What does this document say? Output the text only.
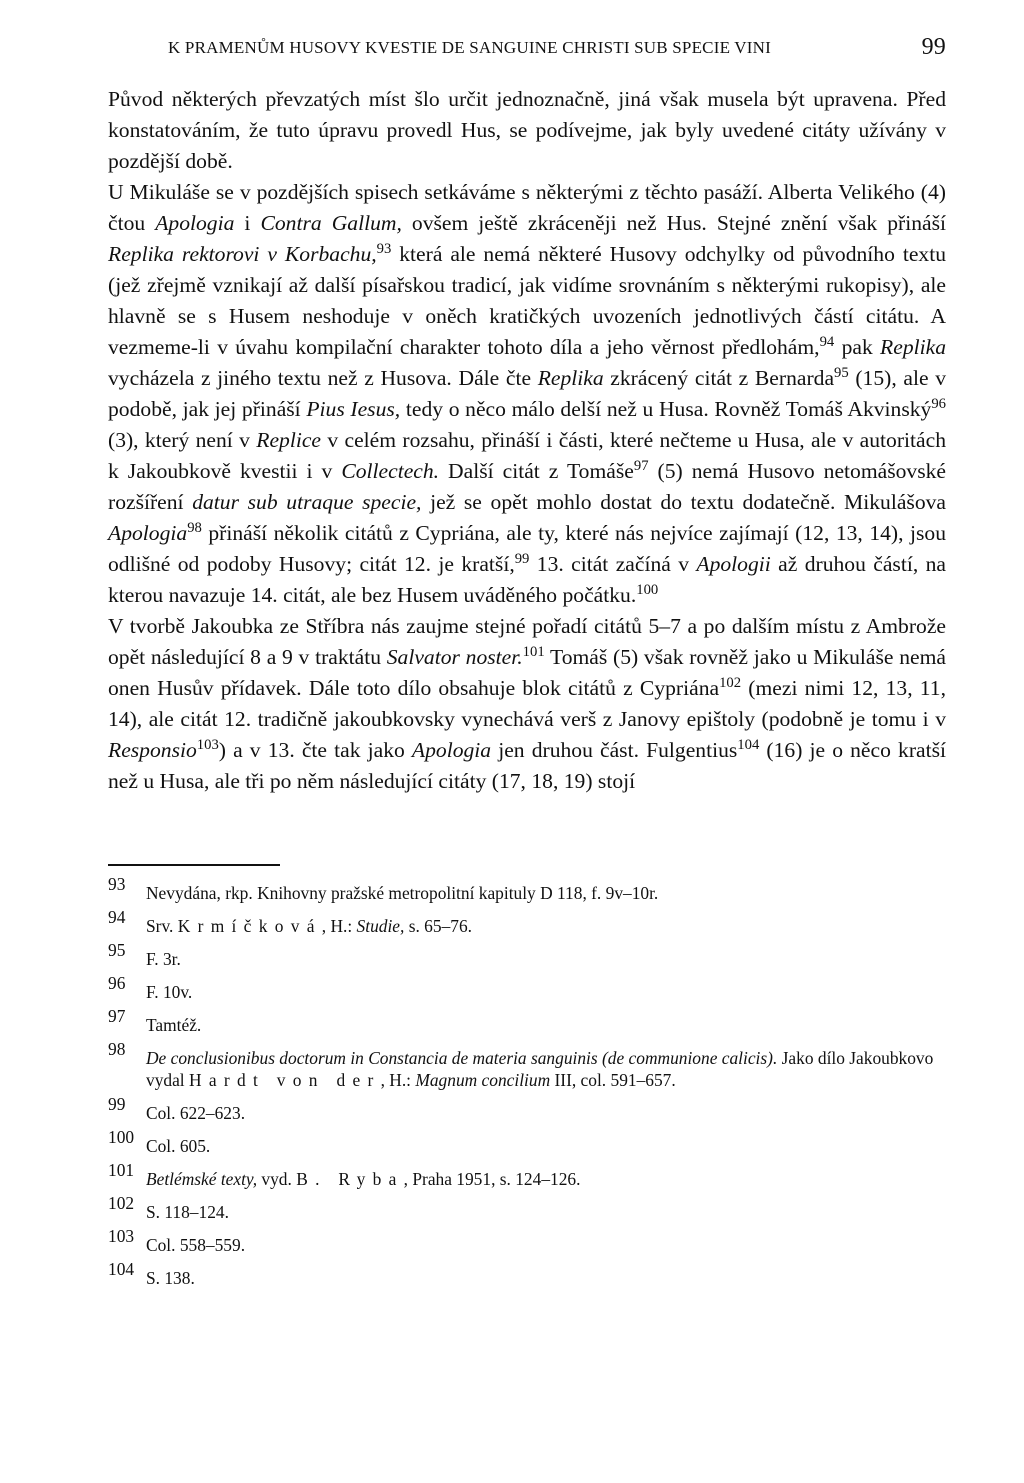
K PRAMENŮM HUSOVY KVESTIE DE SANGUINE CHRISTI SUB SPECIE VINI	99

Původ některých převzatých míst šlo určit jednoznačně, jiná však musela být upravena. Před konstatováním, že tuto úpravu provedl Hus, se podívejme, jak byly uvedené citáty užívány v pozdější době.

U Mikuláše se v pozdějších spisech setkáváme s některými z těchto pasáží. Alberta Velikého (4) čtou Apologia i Contra Gallum, ovšem ještě zkráceněji než Hus. Stejné znění však přináší Replika rektorovi v Korbachu,$^{93}$ která ale nemá některé Husovy odchylky od původního textu (jež zřejmě vznikají až další písařskou tradicí, jak vidíme srovnáním s některými rukopisy), ale hlavně se s Husem neshoduje v oněch kratičkých uvozeních jednotlivých částí citátu. A vezmeme-li v úvahu kompilační charakter tohoto díla a jeho věrnost předlohám,$^{94}$ pak Replika vycházela z jiného textu než z Husova. Dále čte Replika zkrácený citát z Bernarda$^{95}$ (15), ale v podobě, jak jej přináší Pius Iesus, tedy o něco málo delší než u Husa. Rovněž Tomáš Akvinský$^{96}$ (3), který není v Replice v celém rozsahu, přináší i části, které nečteme u Husa, ale v autoritách k Jakoubkově kvestii i v Collectech. Další citát z Tomáše$^{97}$ (5) nemá Husovo netomášovské rozšíření datur sub utraque specie, jež se opět mohlo dostat do textu dodatečně. Mikulášova Apologia$^{98}$ přináší několik citátů z Cypriána, ale ty, které nás nejvíce zajímají (12, 13, 14), jsou odlišné od podoby Husovy; citát 12. je kratší,$^{99}$ 13. citát začíná v Apologii až druhou částí, na kterou navazuje 14. citát, ale bez Husem uváděného počátku.$^{100}$

V tvorbě Jakoubka ze Stříbra nás zaujme stejné pořadí citátů 5–7 a po dalším místu z Ambrože opět následující 8 a 9 v traktátu Salvator noster.$^{101}$ Tomáš (5) však rovněž jako u Mikuláše nemá onen Husův přídavek. Dále toto dílo obsahuje blok citátů z Cypriána$^{102}$ (mezi nimi 12, 13, 11, 14), ale citát 12. tradičně jakoubkovsky vynechává verš z Janovy epištoly (podobně je tomu i v Responsio$^{103}$) a v 13. čte tak jako Apologia jen druhou část. Fulgentius$^{104}$ (16) je o něco kratší než u Husa, ale tři po něm následující citáty (17, 18, 19) stojí

93 Nevydána, rkp. Knihovny pražské metropolitní kapituly D 118, f. 9v–10r.
94 Srv. Krmíčková, H.: Studie, s. 65–76.
95 F. 3r.
96 F. 10v.
97 Tamtéž.
98 De conclusionibus doctorum in Constancia de materia sanguinis (de communione calicis). Jako dílo Jakoubkovo vydal Hardt von der, H.: Magnum concilium III, col. 591–657.
99 Col. 622–623.
100 Col. 605.
101 Betlémské texty, vyd. B. Ryba, Praha 1951, s. 124–126.
102 S. 118–124.
103 Col. 558–559.
104 S. 138.
